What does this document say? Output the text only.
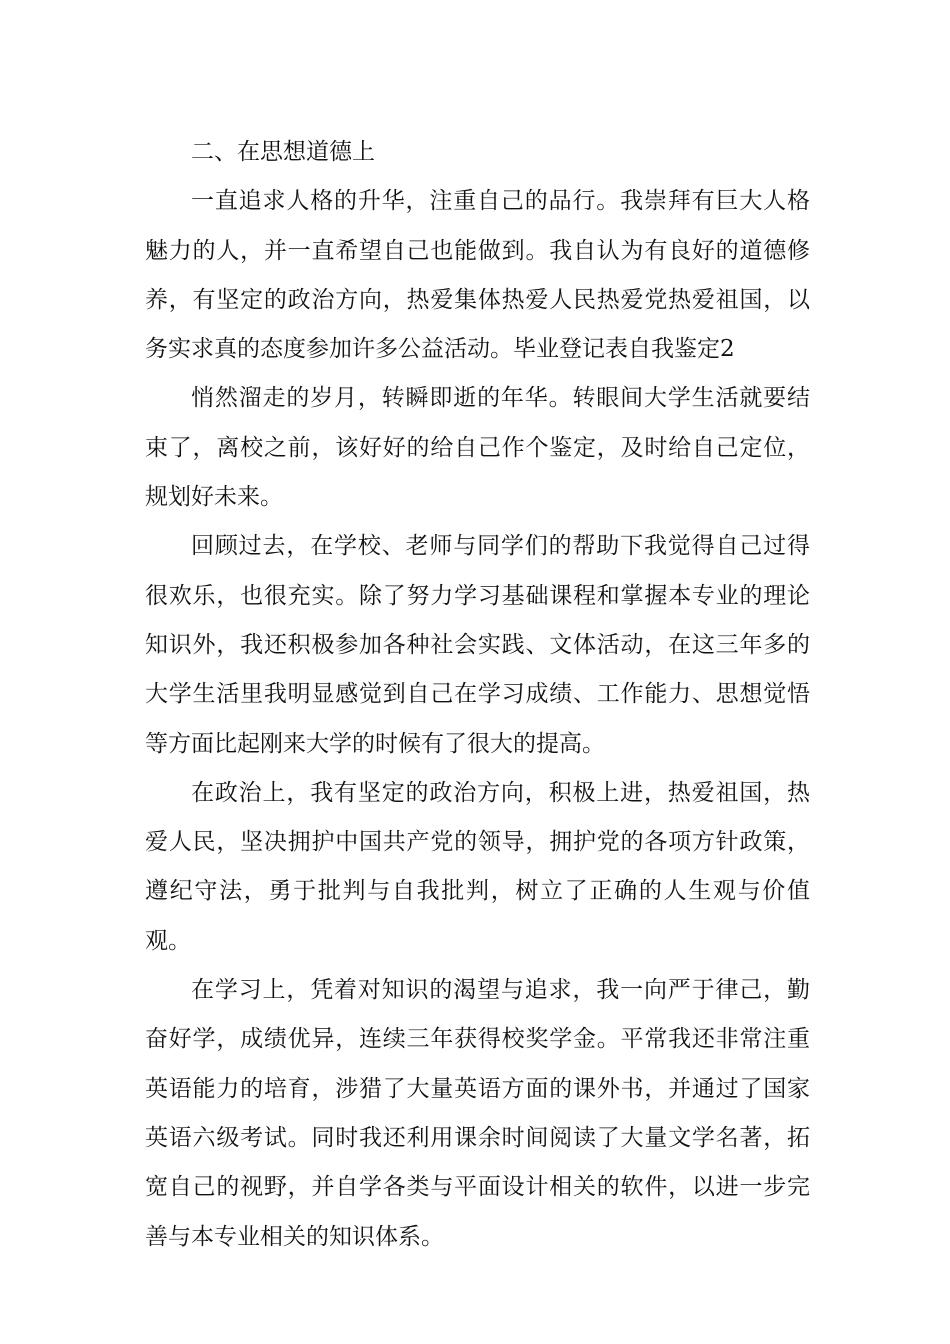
二、在思想道德上

一直追求人格的升华，注重自己的品行。我崇拜有巨大人格魅力的人，并一直希望自己也能做到。我自认为有良好的道德修养，有坚定的政治方向，热爱集体热爱人民热爱党热爱祖国，以务实求真的态度参加许多公益活动。毕业登记表自我鉴定2

悄然溜走的岁月，转瞬即逝的年华。转眼间大学生活就要结束了，离校之前，该好好的给自己作个鉴定，及时给自己定位，规划好未来。

回顾过去，在学校、老师与同学们的帮助下我觉得自己过得很欢乐，也很充实。除了努力学习基础课程和掌握本专业的理论知识外，我还积极参加各种社会实践、文体活动，在这三年多的大学生活里我明显感觉到自己在学习成绩、工作能力、思想觉悟等方面比起刚来大学的时候有了很大的提高。

在政治上，我有坚定的政治方向，积极上进，热爱祖国，热爱人民，坚决拥护中国共产党的领导，拥护党的各项方针政策，遵纪守法，勇于批判与自我批判，树立了正确的人生观与价值观。

在学习上，凭着对知识的渴望与追求，我一向严于律己，勤奋好学，成绩优异，连续三年获得校奖学金。平常我还非常注重英语能力的培育，涉猎了大量英语方面的课外书，并通过了国家英语六级考试。同时我还利用课余时间阅读了大量文学名著，拓宽自己的视野，并自学各类与平面设计相关的软件，以进一步完善与本专业相关的知识体系。
